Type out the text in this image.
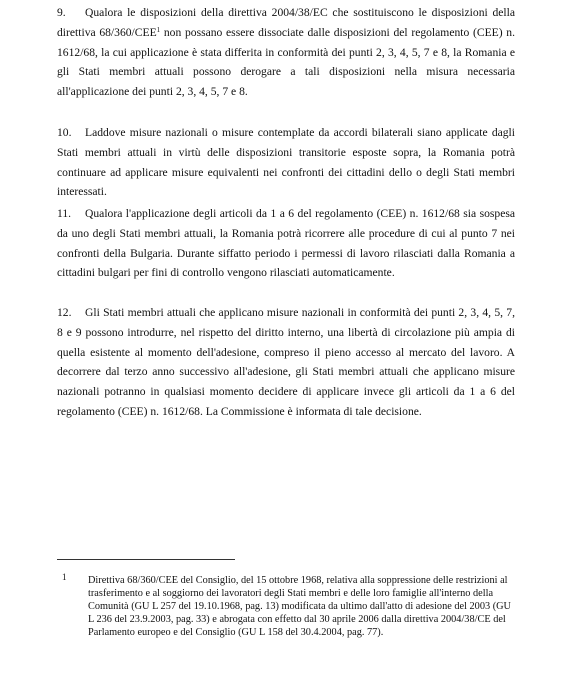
9. Qualora le disposizioni della direttiva 2004/38/EC che sostituiscono le disposizioni della direttiva 68/360/CEE$^1$ non possano essere dissociate dalle disposizioni del regolamento (CEE) n. 1612/68, la cui applicazione è stata differita in conformità dei punti 2, 3, 4, 5, 7 e 8, la Romania e gli Stati membri attuali possono derogare a tali disposizioni nella misura necessaria all'applicazione dei punti 2, 3, 4, 5, 7 e 8.
10. Laddove misure nazionali o misure contemplate da accordi bilaterali siano applicate dagli Stati membri attuali in virtù delle disposizioni transitorie esposte sopra, la Romania potrà continuare ad applicare misure equivalenti nei confronti dei cittadini dello o degli Stati membri interessati.
11. Qualora l'applicazione degli articoli da 1 a 6 del regolamento (CEE) n. 1612/68 sia sospesa da uno degli Stati membri attuali, la Romania potrà ricorrere alle procedure di cui al punto 7 nei confronti della Bulgaria. Durante siffatto periodo i permessi di lavoro rilasciati dalla Romania a cittadini bulgari per fini di controllo vengono rilasciati automaticamente.
12. Gli Stati membri attuali che applicano misure nazionali in conformità dei punti 2, 3, 4, 5, 7, 8 e 9 possono introdurre, nel rispetto del diritto interno, una libertà di circolazione più ampia di quella esistente al momento dell'adesione, compreso il pieno accesso al mercato del lavoro. A decorrere dal terzo anno successivo all'adesione, gli Stati membri attuali che applicano misure nazionali potranno in qualsiasi momento decidere di applicare invece gli articoli da 1 a 6 del regolamento (CEE) n. 1612/68. La Commissione è informata di tale decisione.
1 Direttiva 68/360/CEE del Consiglio, del 15 ottobre 1968, relativa alla soppressione delle restrizioni al trasferimento e al soggiorno dei lavoratori degli Stati membri e delle loro famiglie all'interno della Comunità (GU L 257 del 19.10.1968, pag. 13) modificata da ultimo dall'atto di adesione del 2003 (GU L 236 del 23.9.2003, pag. 33) e abrogata con effetto dal 30 aprile 2006 dalla direttiva 2004/38/CE del Parlamento europeo e del Consiglio (GU L 158 del 30.4.2004, pag. 77).
